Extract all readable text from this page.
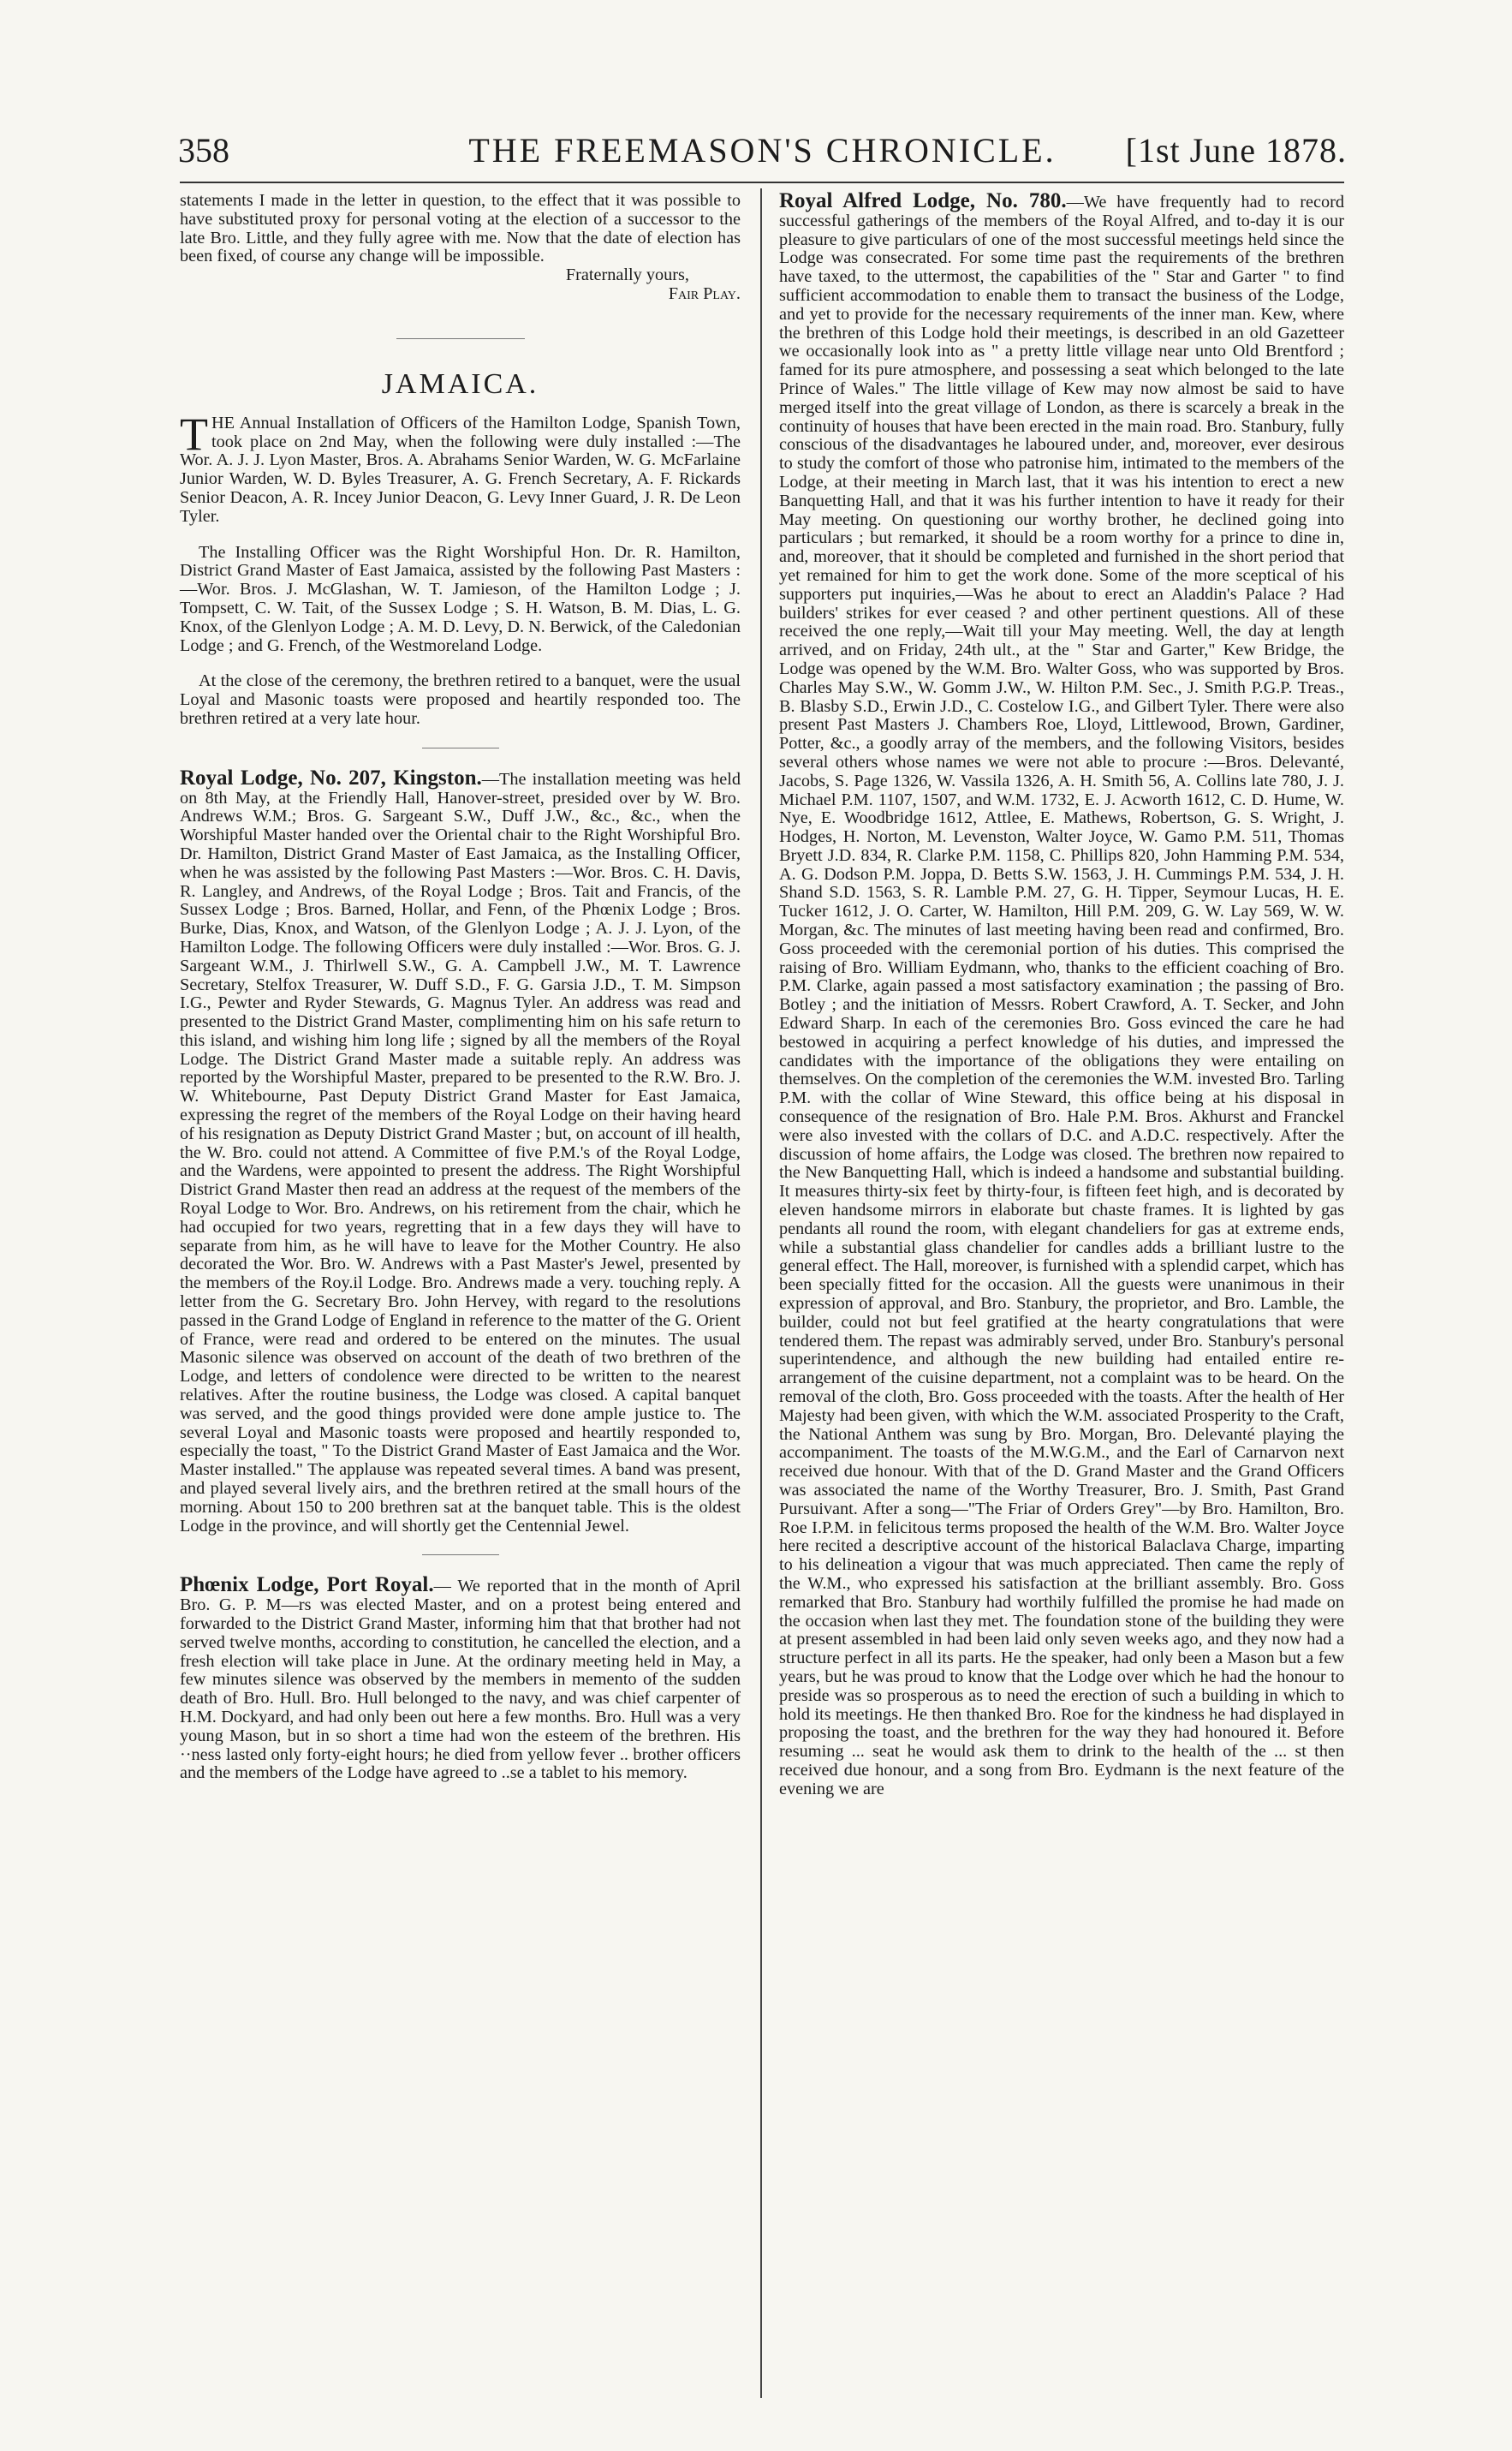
358	THE FREEMASON'S CHRONICLE.	[1st June 1878.

statements I made in the letter in question, to the effect that it was possible to have substituted proxy for personal voting at the election of a successor to the late Bro. Little, and they fully agree with me. Now that the date of election has been fixed, of course any change will be impossible.

Fraternally yours,

Fair Play.

JAMAICA.

THE Annual Installation of Officers of the Hamilton Lodge, Spanish Town, took place on 2nd May, when the following were duly installed :—The Wor. A. J. J. Lyon Master, Bros. A. Abrahams Senior Warden, W. G. McFarlaine Junior Warden, W. D. Byles Treasurer, A. G. French Secretary, A. F. Rickards Senior Deacon, A. R. Incey Junior Deacon, G. Levy Inner Guard, J. R. De Leon Tyler.

The Installing Officer was the Right Worshipful Hon. Dr. R. Hamilton, District Grand Master of East Jamaica, assisted by the following Past Masters :—Wor. Bros. J. McGlashan, W. T. Jamieson, of the Hamilton Lodge ; J. Tompsett, C. W. Tait, of the Sussex Lodge ; S. H. Watson, B. M. Dias, L. G. Knox, of the Glenlyon Lodge ; A. M. D. Levy, D. N. Berwick, of the Caledonian Lodge ; and G. French, of the Westmoreland Lodge.

At the close of the ceremony, the brethren retired to a banquet, were the usual Loyal and Masonic toasts were proposed and heartily responded too. The brethren retired at a very late hour.

Royal Lodge, No. 207, Kingston.—The installation meeting was held on 8th May, at the Friendly Hall, Hanover-street, presided over by W. Bro. Andrews W.M.; Bros. G. Sargeant S.W., Duff J.W., &c., &c., when the Worshipful Master handed over the Oriental chair to the Right Worshipful Bro. Dr. Hamilton, District Grand Master of East Jamaica, as the Installing Officer, when he was assisted by the following Past Masters :—Wor. Bros. C. H. Davis, R. Langley, and Andrews, of the Royal Lodge ; Bros. Tait and Francis, of the Sussex Lodge ; Bros. Barned, Hollar, and Fenn, of the Phœnix Lodge ; Bros. Burke, Dias, Knox, and Watson, of the Glenlyon Lodge ; A. J. J. Lyon, of the Hamilton Lodge. The following Officers were duly installed :—Wor. Bros. G. J. Sargeant W.M., J. Thirlwell S.W., G. A. Campbell J.W., M. T. Lawrence Secretary, Stelfox Treasurer, W. Duff S.D., F. G. Garsia J.D., T. M. Simpson I.G., Pewter and Ryder Stewards, G. Magnus Tyler. An address was read and presented to the District Grand Master, complimenting him on his safe return to this island, and wishing him long life ; signed by all the members of the Royal Lodge. The District Grand Master made a suitable reply. An address was reported by the Worshipful Master, prepared to be presented to the R.W. Bro. J. W. Whitebourne, Past Deputy District Grand Master for East Jamaica, expressing the regret of the members of the Royal Lodge on their having heard of his resignation as Deputy District Grand Master ; but, on account of ill health, the W. Bro. could not attend. A Committee of five P.M.'s of the Royal Lodge, and the Wardens, were appointed to present the address. The Right Worshipful District Grand Master then read an address at the request of the members of the Royal Lodge to Wor. Bro. Andrews, on his retirement from the chair, which he had occupied for two years, regretting that in a few days they will have to separate from him, as he will have to leave for the Mother Country. He also decorated the Wor. Bro. W. Andrews with a Past Master's Jewel, presented by the members of the Roy.il Lodge. Bro. Andrews made a very. touching reply. A letter from the G. Secretary Bro. John Hervey, with regard to the resolutions passed in the Grand Lodge of England in reference to the matter of the G. Orient of France, were read and ordered to be entered on the minutes. The usual Masonic silence was observed on account of the death of two brethren of the Lodge, and letters of condolence were directed to be written to the nearest relatives. After the routine business, the Lodge was closed. A capital banquet was served, and the good things provided were done ample justice to. The several Loyal and Masonic toasts were proposed and heartily responded to, especially the toast, " To the District Grand Master of East Jamaica and the Wor. Master installed." The applause was repeated several times. A band was present, and played several lively airs, and the brethren retired at the small hours of the morning. About 150 to 200 brethren sat at the banquet table. This is the oldest Lodge in the province, and will shortly get the Centennial Jewel.

Phœnix Lodge, Port Royal.— We reported that in the month of April Bro. G. P. M—rs was elected Master, and on a protest being entered and forwarded to the District Grand Master, informing him that that brother had not served twelve months, according to constitution, he cancelled the election, and a fresh election will take place in June. At the ordinary meeting held in May, a few minutes silence was observed by the members in memento of the sudden death of Bro. Hull. Bro. Hull belonged to the navy, and was chief carpenter of H.M. Dockyard, and had only been out here a few months. Bro. Hull was a very young Mason, but in so short a time had won the esteem of the brethren. His ··ness lasted only forty-eight hours; he died from yellow fever .. brother officers and the members of the Lodge have agreed to ..se a tablet to his memory.

Royal Alfred Lodge, No. 780.—We have frequently had to record successful gatherings of the members of the Royal Alfred, and to-day it is our pleasure to give particulars of one of the most successful meetings held since the Lodge was consecrated. For some time past the requirements of the brethren have taxed, to the uttermost, the capabilities of the " Star and Garter " to find sufficient accommodation to enable them to transact the business of the Lodge, and yet to provide for the necessary requirements of the inner man. Kew, where the brethren of this Lodge hold their meetings, is described in an old Gazetteer we occasionally look into as " a pretty little village near unto Old Brentford ; famed for its pure atmosphere, and possessing a seat which belonged to the late Prince of Wales." The little village of Kew may now almost be said to have merged itself into the great village of London, as there is scarcely a break in the continuity of houses that have been erected in the main road. Bro. Stanbury, fully conscious of the disadvantages he laboured under, and, moreover, ever desirous to study the comfort of those who patronise him, intimated to the members of the Lodge, at their meeting in March last, that it was his intention to erect a new Banquetting Hall, and that it was his further intention to have it ready for their May meeting. On questioning our worthy brother, he declined going into particulars ; but remarked, it should be a room worthy for a prince to dine in, and, moreover, that it should be completed and furnished in the short period that yet remained for him to get the work done. Some of the more sceptical of his supporters put inquiries,—Was he about to erect an Aladdin's Palace ? Had builders' strikes for ever ceased ? and other pertinent questions. All of these received the one reply,—Wait till your May meeting. Well, the day at length arrived, and on Friday, 24th ult., at the " Star and Garter," Kew Bridge, the Lodge was opened by the W.M. Bro. Walter Goss, who was supported by Bros. Charles May S.W., W. Gomm J.W., W. Hilton P.M. Sec., J. Smith P.G.P. Treas., B. Blasby S.D., Erwin J.D., C. Costelow I.G., and Gilbert Tyler. There were also present Past Masters J. Chambers Roe, Lloyd, Littlewood, Brown, Gardiner, Potter, &c., a goodly array of the members, and the following Visitors, besides several others whose names we were not able to procure :—Bros. Delevanté, Jacobs, S. Page 1326, W. Vassila 1326, A. H. Smith 56, A. Collins late 780, J. J. Michael P.M. 1107, 1507, and W.M. 1732, E. J. Acworth 1612, C. D. Hume, W. Nye, E. Woodbridge 1612, Attlee, E. Mathews, Robertson, G. S. Wright, J. Hodges, H. Norton, M. Levenston, Walter Joyce, W. Gamo P.M. 511, Thomas Bryett J.D. 834, R. Clarke P.M. 1158, C. Phillips 820, John Hamming P.M. 534, A. G. Dodson P.M. Joppa, D. Betts S.W. 1563, J. H. Cummings P.M. 534, J. H. Shand S.D. 1563, S. R. Lamble P.M. 27, G. H. Tipper, Seymour Lucas, H. E. Tucker 1612, J. O. Carter, W. Hamilton, Hill P.M. 209, G. W. Lay 569, W. W. Morgan, &c. The minutes of last meeting having been read and confirmed, Bro. Goss proceeded with the ceremonial portion of his duties. This comprised the raising of Bro. William Eydmann, who, thanks to the efficient coaching of Bro. P.M. Clarke, again passed a most satisfactory examination ; the passing of Bro. Botley ; and the initiation of Messrs. Robert Crawford, A. T. Secker, and John Edward Sharp. In each of the ceremonies Bro. Goss evinced the care he had bestowed in acquiring a perfect knowledge of his duties, and impressed the candidates with the importance of the obligations they were entailing on themselves. On the completion of the ceremonies the W.M. invested Bro. Tarling P.M. with the collar of Wine Steward, this office being at his disposal in consequence of the resignation of Bro. Hale P.M. Bros. Akhurst and Franckel were also invested with the collars of D.C. and A.D.C. respectively. After the discussion of home affairs, the Lodge was closed. The brethren now repaired to the New Banquetting Hall, which is indeed a handsome and substantial building. It measures thirty-six feet by thirty-four, is fifteen feet high, and is decorated by eleven handsome mirrors in elaborate but chaste frames. It is lighted by gas pendants all round the room, with elegant chandeliers for gas at extreme ends, while a substantial glass chandelier for candles adds a brilliant lustre to the general effect. The Hall, moreover, is furnished with a splendid carpet, which has been specially fitted for the occasion. All the guests were unanimous in their expression of approval, and Bro. Stanbury, the proprietor, and Bro. Lamble, the builder, could not but feel gratified at the hearty congratulations that were tendered them. The repast was admirably served, under Bro. Stanbury's personal superintendence, and although the new building had entailed entire re-arrangement of the cuisine department, not a complaint was to be heard. On the removal of the cloth, Bro. Goss proceeded with the toasts. After the health of Her Majesty had been given, with which the W.M. associated Prosperity to the Craft, the National Anthem was sung by Bro. Morgan, Bro. Delevanté playing the accompaniment. The toasts of the M.W.G.M., and the Earl of Carnarvon next received due honour. With that of the D. Grand Master and the Grand Officers was associated the name of the Worthy Treasurer, Bro. J. Smith, Past Grand Pursuivant. After a song—"The Friar of Orders Grey"—by Bro. Hamilton, Bro. Roe I.P.M. in felicitous terms proposed the health of the W.M. Bro. Walter Joyce here recited a descriptive account of the historical Balaclava Charge, imparting to his delineation a vigour that was much appreciated. Then came the reply of the W.M., who expressed his satisfaction at the brilliant assembly. Bro. Goss remarked that Bro. Stanbury had worthily fulfilled the promise he had made on the occasion when last they met. The foundation stone of the building they were at present assembled in had been laid only seven weeks ago, and they now had a structure perfect in all its parts. He the speaker, had only been a Mason but a few years, but he was proud to know that the Lodge over which he had the honour to preside was so prosperous as to need the erection of such a building in which to hold its meetings. He then thanked Bro. Roe for the kindness he had displayed in proposing the toast, and the brethren for the way they had honoured it. Before resuming ... seat he would ask them to drink to the health of the ... st then received due honour, and a song from Bro. Eydmann is the next feature of the evening we are
